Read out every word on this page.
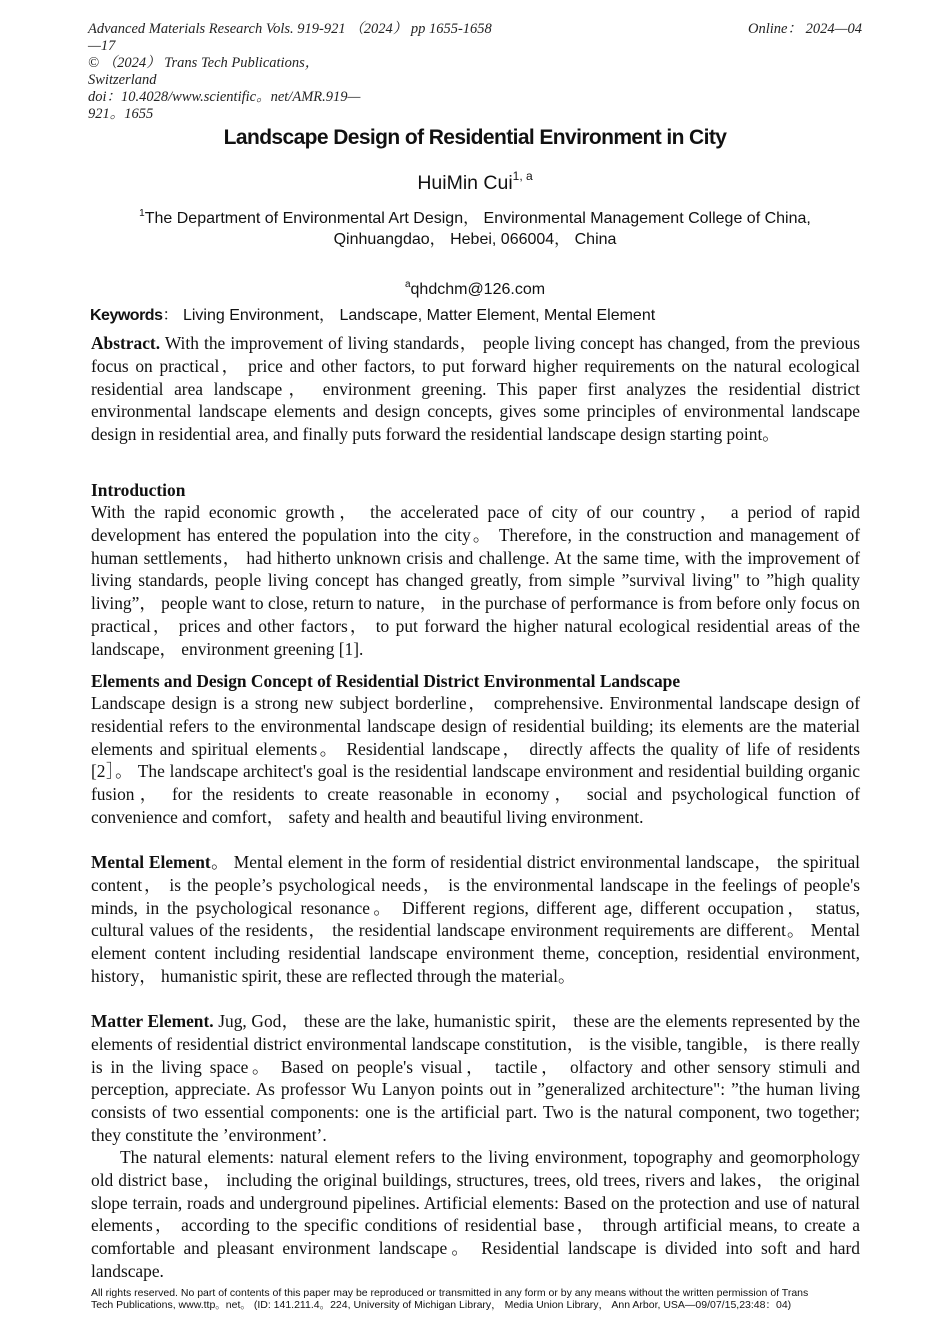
Advanced Materials Research Vols. 919-921 （2024） pp 1655-1658
—17
© （2024） Trans Tech Publications，
Switzerland
doi：10.4028/www.scientific。net/AMR.919—
921。1655
Online： 2024—04
Landscape Design of Residential Environment in City
HuiMin Cui$^{1, a}$
$^1$The Department of Environmental Art Design， Environmental Management College of China,
Qinhuangdao， Hebei, 066004， China
$^a$qhdchm@126.com
Keywords： Living Environment， Landscape, Matter Element, Mental Element
Abstract. With the improvement of living standards， people living concept has changed, from the previous focus on practical， price and other factors, to put forward higher requirements on the natural ecological residential area landscape， environment greening. This paper first analyzes the residential district environmental landscape elements and design concepts, gives some principles of environmental landscape design in residential area, and finally puts forward the residential landscape design starting point。
Introduction
With the rapid economic growth， the accelerated pace of city of our country， a period of rapid development has entered the population into the city。 Therefore, in the construction and management of human settlements， had hitherto unknown crisis and challenge. At the same time, with the improvement of living standards, people living concept has changed greatly, from simple ”survival living" to ”high quality living”， people want to close, return to nature， in the purchase of performance is from before only focus on practical， prices and other factors， to put forward the higher natural ecological residential areas of the landscape， environment greening [1].
Elements and Design Concept of Residential District Environmental Landscape
Landscape design is a strong new subject borderline， comprehensive. Environmental landscape design of residential refers to the environmental landscape design of residential building; its elements are the material elements and spiritual elements。 Residential landscape， directly affects the quality of life of residents [2］。 The landscape architect's goal is the residential landscape environment and residential building organic fusion， for the residents to create reasonable in economy， social and psychological function of convenience and comfort， safety and health and beautiful living environment.
Mental Element。 Mental element in the form of residential district environmental landscape， the spiritual content， is the people’s psychological needs， is the environmental landscape in the feelings of people's minds, in the psychological resonance。 Different regions, different age, different occupation， status, cultural values of the residents， the residential landscape environment requirements are different。 Mental element content including residential landscape environment theme, conception, residential environment, history， humanistic spirit, these are reflected through the material。
Matter Element. Jug, God， these are the lake, humanistic spirit， these are the elements represented by the elements of residential district environmental landscape constitution， is the visible, tangible， is there really is in the living space。 Based on people's visual， tactile， olfactory and other sensory stimuli and perception, appreciate. As professor Wu Lanyon points out in ”generalized architecture": ”the human living consists of two essential components: one is the artificial part. Two is the natural component, two together; they constitute the ’environment’.
The natural elements: natural element refers to the living environment, topography and geomorphology old district base， including the original buildings, structures, trees, old trees, rivers and lakes， the original slope terrain, roads and underground pipelines. Artificial elements: Based on the protection and use of natural elements， according to the specific conditions of residential base， through artificial means, to create a comfortable and pleasant environment landscape。 Residential landscape is divided into soft and hard landscape.
All rights reserved. No part of contents of this paper may be reproduced or transmitted in any form or by any means without the written permission of Trans
Tech Publications, www.ttp。net。 (ID: 141.211.4。224, University of Michigan Library， Media Union Library， Ann Arbor, USA—09/07/15,23:48：04)
